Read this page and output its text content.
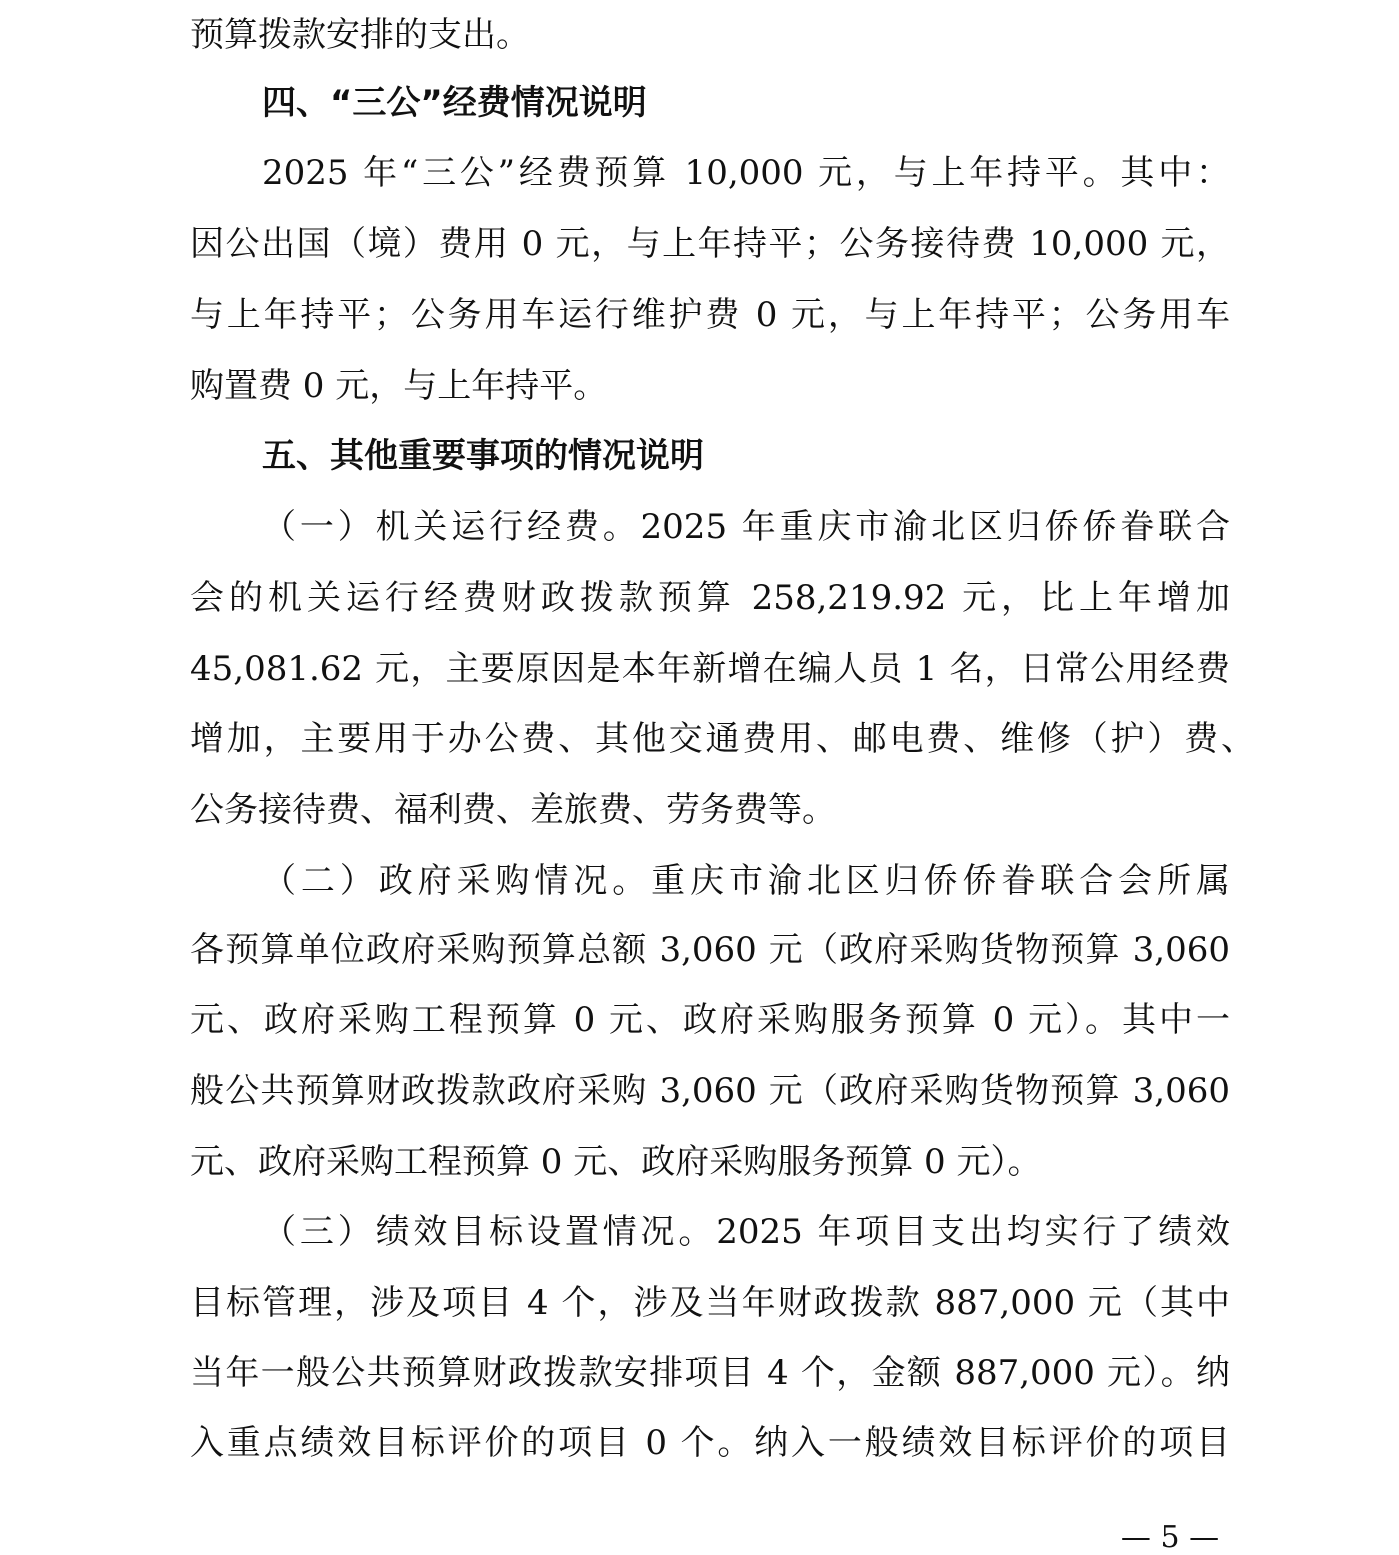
预算拨款安排的支出。
四、“三公”经费情况说明
2025 年“三公”经费预算 10,000 元，与上年持平。其中：
因公出国（境）费用 0 元，与上年持平；公务接待费 10,000 元，
与上年持平；公务用车运行维护费 0 元，与上年持平；公务用车
购置费 0 元，与上年持平。
五、其他重要事项的情况说明
（一）机关运行经费。2025 年重庆市渝北区归侨侨眷联合
会的机关运行经费财政拨款预算 258,219.92 元，比上年增加
45,081.62 元，主要原因是本年新增在编人员 1 名，日常公用经费
增加，主要用于办公费、其他交通费用、邮电费、维修（护）费、
公务接待费、福利费、差旅费、劳务费等。
（二）政府采购情况。重庆市渝北区归侨侨眷联合会所属
各预算单位政府采购预算总额 3,060 元（政府采购货物预算 3,060
元、政府采购工程预算 0 元、政府采购服务预算 0 元）。其中一
般公共预算财政拨款政府采购 3,060 元（政府采购货物预算 3,060
元、政府采购工程预算 0 元、政府采购服务预算 0 元）。
（三）绩效目标设置情况。2025 年项目支出均实行了绩效
目标管理，涉及项目 4 个，涉及当年财政拨款 887,000 元（其中
当年一般公共预算财政拨款安排项目 4 个，金额 887,000 元）。纳
入重点绩效目标评价的项目 0 个。纳入一般绩效目标评价的项目
— 5 —
